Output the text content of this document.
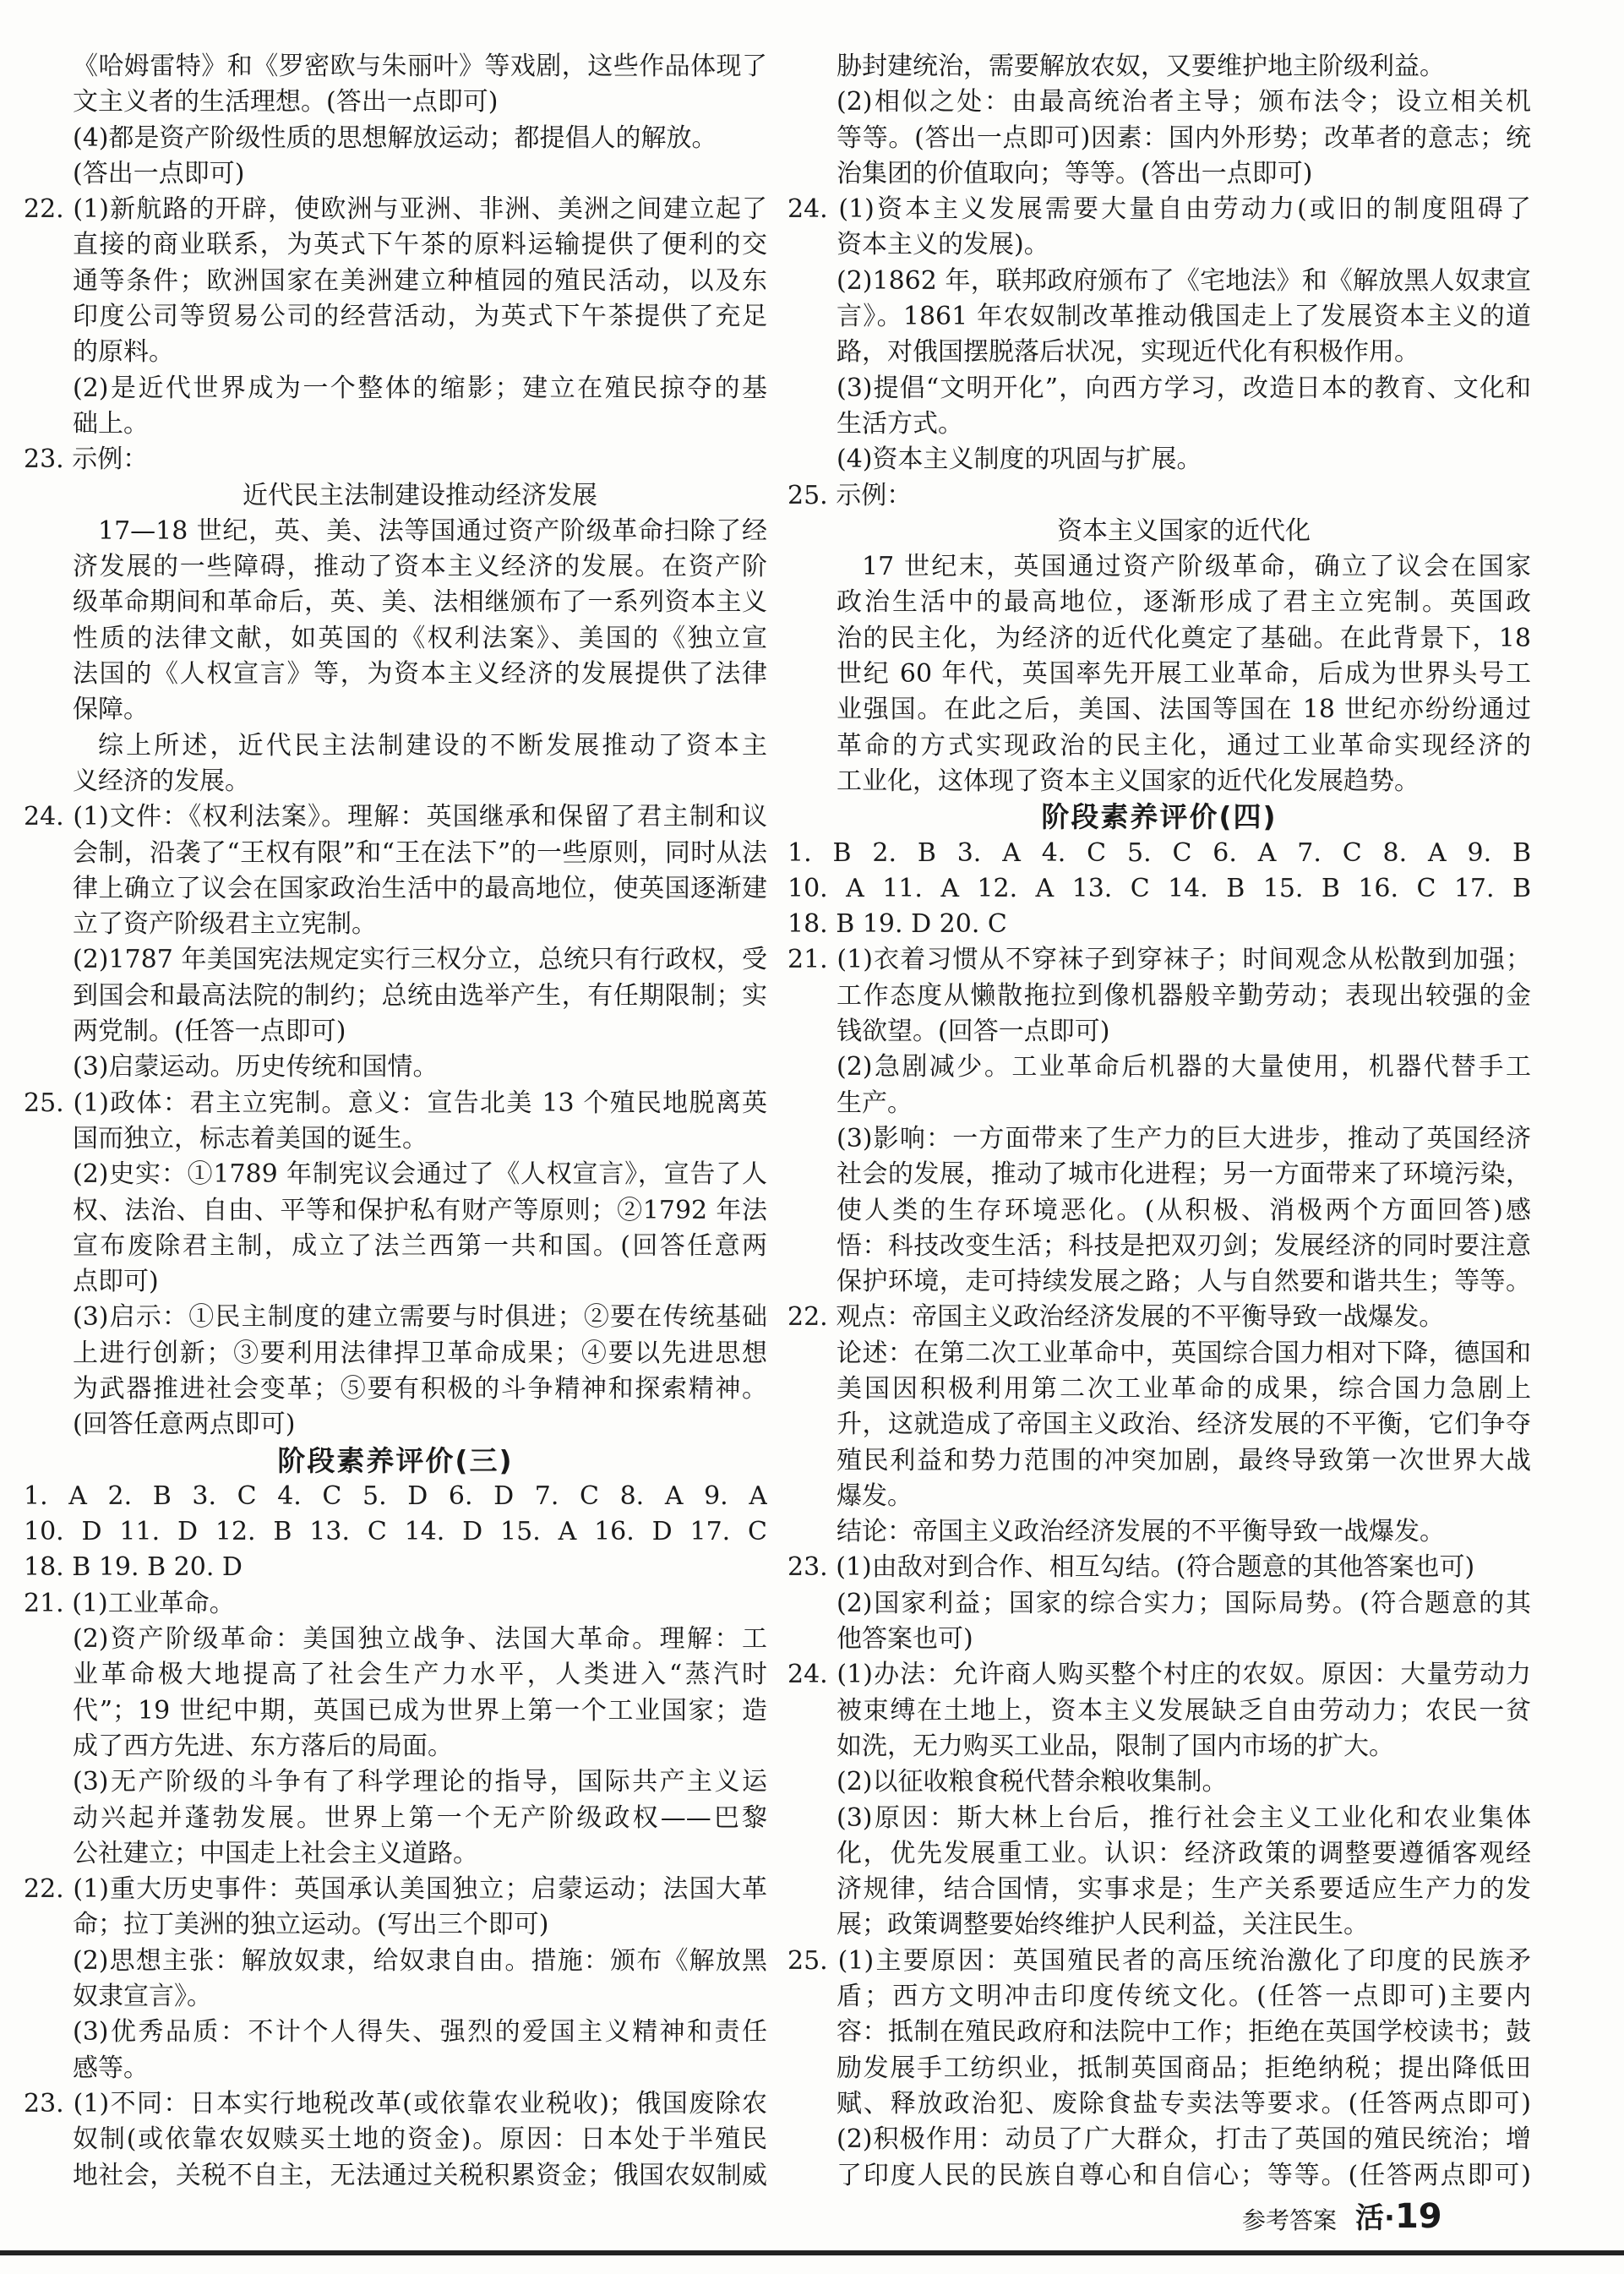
《哈姆雷特》和《罗密欧与朱丽叶》等戏剧，这些作品体现了
文主义者的生活理想。(答出一点即可)
(4)都是资产阶级性质的思想解放运动；都提倡人的解放。
(答出一点即可)
22. (1)新航路的开辟，使欧洲与亚洲、非洲、美洲之间建立起了
直接的商业联系，为英式下午茶的原料运输提供了便利的交
通等条件；欧洲国家在美洲建立种植园的殖民活动，以及东
印度公司等贸易公司的经营活动，为英式下午茶提供了充足
的原料。
(2)是近代世界成为一个整体的缩影；建立在殖民掠夺的基
础上。
23. 示例：
近代民主法制建设推动经济发展
17—18 世纪，英、美、法等国通过资产阶级革命扫除了经
济发展的一些障碍，推动了资本主义经济的发展。在资产阶
级革命期间和革命后，英、美、法相继颁布了一系列资本主义
性质的法律文献，如英国的《权利法案》、美国的《独立宣
法国的《人权宣言》等，为资本主义经济的发展提供了法律
保障。
综上所述，近代民主法制建设的不断发展推动了资本主
义经济的发展。
24. (1)文件：《权利法案》。理解：英国继承和保留了君主制和议
会制，沿袭了“王权有限”和“王在法下”的一些原则，同时从法
律上确立了议会在国家政治生活中的最高地位，使英国逐渐建
立了资产阶级君主立宪制。
(2)1787 年美国宪法规定实行三权分立，总统只有行政权，受
到国会和最高法院的制约；总统由选举产生，有任期限制；实
两党制。(任答一点即可)
(3)启蒙运动。历史传统和国情。
25. (1)政体：君主立宪制。意义：宣告北美 13 个殖民地脱离英
国而独立，标志着美国的诞生。
(2)史实：①1789 年制宪议会通过了《人权宣言》，宣告了人
权、法治、自由、平等和保护私有财产等原则；②1792 年法
宣布废除君主制，成立了法兰西第一共和国。(回答任意两
点即可)
(3)启示：①民主制度的建立需要与时俱进；②要在传统基础
上进行创新；③要利用法律捍卫革命成果；④要以先进思想
为武器推进社会变革；⑤要有积极的斗争精神和探索精神。
(回答任意两点即可)
阶段素养评价(三)
1. A 2. B 3. C 4. C 5. D 6. D 7. C 8. A 9. A
10. D 11. D 12. B 13. C 14. D 15. A 16. D 17. C
18. B 19. B 20. D
21. (1)工业革命。
(2)资产阶级革命：美国独立战争、法国大革命。理解：工
业革命极大地提高了社会生产力水平，人类进入“蒸汽时
代”；19 世纪中期，英国已成为世界上第一个工业国家；造
成了西方先进、东方落后的局面。
(3)无产阶级的斗争有了科学理论的指导，国际共产主义运
动兴起并蓬勃发展。世界上第一个无产阶级政权——巴黎
公社建立；中国走上社会主义道路。
22. (1)重大历史事件：英国承认美国独立；启蒙运动；法国大革
命；拉丁美洲的独立运动。(写出三个即可)
(2)思想主张：解放奴隶，给奴隶自由。措施：颁布《解放黑
奴隶宣言》。
(3)优秀品质：不计个人得失、强烈的爱国主义精神和责任
感等。
23. (1)不同：日本实行地税改革(或依靠农业税收)；俄国废除农
奴制(或依靠农奴赎买土地的资金)。原因：日本处于半殖民
地社会，关税不自主，无法通过关税积累资金；俄国农奴制威
胁封建统治，需要解放农奴，又要维护地主阶级利益。
(2)相似之处：由最高统治者主导；颁布法令；设立相关机
等等。(答出一点即可)因素：国内外形势；改革者的意志；统
治集团的价值取向；等等。(答出一点即可)
24. (1)资本主义发展需要大量自由劳动力(或旧的制度阻碍了
资本主义的发展)。
(2)1862 年，联邦政府颁布了《宅地法》和《解放黑人奴隶宣
言》。1861 年农奴制改革推动俄国走上了发展资本主义的道
路，对俄国摆脱落后状况，实现近代化有积极作用。
(3)提倡“文明开化”，向西方学习，改造日本的教育、文化和
生活方式。
(4)资本主义制度的巩固与扩展。
25. 示例：
资本主义国家的近代化
17 世纪末，英国通过资产阶级革命，确立了议会在国家
政治生活中的最高地位，逐渐形成了君主立宪制。英国政
治的民主化，为经济的近代化奠定了基础。在此背景下，18
世纪 60 年代，英国率先开展工业革命，后成为世界头号工
业强国。在此之后，美国、法国等国在 18 世纪亦纷纷通过
革命的方式实现政治的民主化，通过工业革命实现经济的
工业化，这体现了资本主义国家的近代化发展趋势。
阶段素养评价(四)
1. B 2. B 3. A 4. C 5. C 6. A 7. C 8. A 9. B
10. A 11. A 12. A 13. C 14. B 15. B 16. C 17. B
18. B 19. D 20. C
21. (1)衣着习惯从不穿袜子到穿袜子；时间观念从松散到加强；
工作态度从懒散拖拉到像机器般辛勤劳动；表现出较强的金
钱欲望。(回答一点即可)
(2)急剧减少。工业革命后机器的大量使用，机器代替手工
生产。
(3)影响：一方面带来了生产力的巨大进步，推动了英国经济
社会的发展，推动了城市化进程；另一方面带来了环境污染，
使人类的生存环境恶化。(从积极、消极两个方面回答)感
悟：科技改变生活；科技是把双刃剑；发展经济的同时要注意
保护环境，走可持续发展之路；人与自然要和谐共生；等等。
22. 观点：帝国主义政治经济发展的不平衡导致一战爆发。
论述：在第二次工业革命中，英国综合国力相对下降，德国和
美国因积极利用第二次工业革命的成果，综合国力急剧上
升，这就造成了帝国主义政治、经济发展的不平衡，它们争夺
殖民利益和势力范围的冲突加剧，最终导致第一次世界大战
爆发。
结论：帝国主义政治经济发展的不平衡导致一战爆发。
23. (1)由敌对到合作、相互勾结。(符合题意的其他答案也可)
(2)国家利益；国家的综合实力；国际局势。(符合题意的其
他答案也可)
24. (1)办法：允许商人购买整个村庄的农奴。原因：大量劳动力
被束缚在土地上，资本主义发展缺乏自由劳动力；农民一贫
如洗，无力购买工业品，限制了国内市场的扩大。
(2)以征收粮食税代替余粮收集制。
(3)原因：斯大林上台后，推行社会主义工业化和农业集体
化，优先发展重工业。认识：经济政策的调整要遵循客观经
济规律，结合国情，实事求是；生产关系要适应生产力的发
展；政策调整要始终维护人民利益，关注民生。
25. (1)主要原因：英国殖民者的高压统治激化了印度的民族矛
盾；西方文明冲击印度传统文化。(任答一点即可)主要内
容：抵制在殖民政府和法院中工作；拒绝在英国学校读书；鼓
励发展手工纺织业，抵制英国商品；拒绝纳税；提出降低田
赋、释放政治犯、废除食盐专卖法等要求。(任答两点即可)
(2)积极作用：动员了广大群众，打击了英国的殖民统治；增
了印度人民的民族自尊心和自信心；等等。(任答两点即可)
参考答案 活·19
